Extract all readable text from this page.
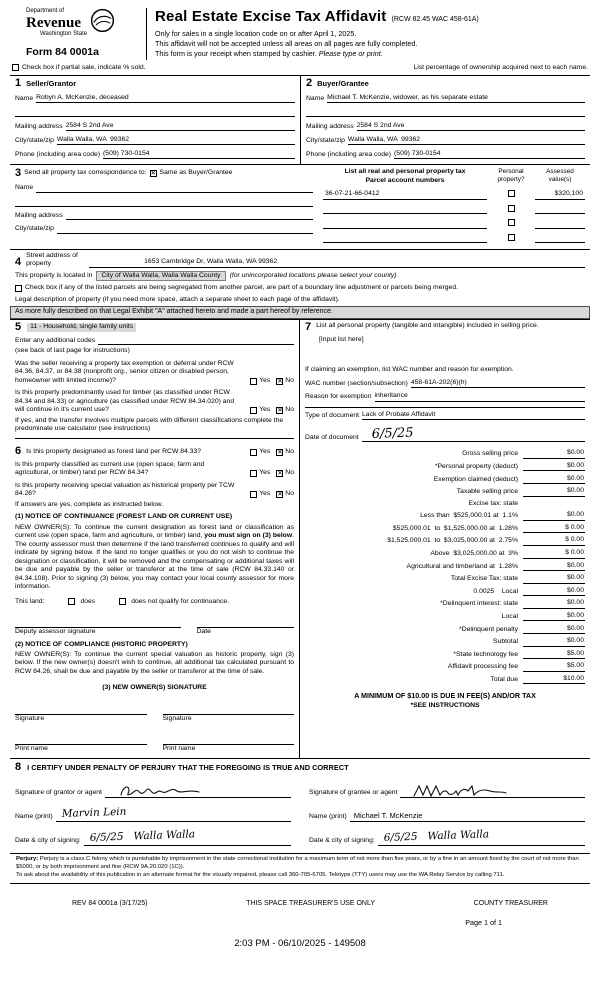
Department of
Revenue
Washington State
Form 84 0001a
Real Estate Excise Tax Affidavit (RCW 82.45 WAC 458-61A)
Only for sales in a single location code on or after April 1, 2025.
This affidavit will not be accepted unless all areas on all pages are fully completed.
This form is your receipt when stamped by cashier. Please type or print.
Check box if partial sale, indicate % sold.	List percentage of ownership acquired next to each name.
1 Seller/Grantor
Name Robyn A. McKenzie, deceased
Mailing address 2584 S 2nd Ave
City/state/zip Walla Walla, WA  99362
Phone (including area code) (509) 730-0154
2 Buyer/Grantee
Name Michael T. McKenzie, widower, as his separate estate
Mailing address 2584 S 2nd Ave
City/state/zip Walla Walla, WA  99362
Phone (including area code) (509) 730-0154
3 Send all property tax correspondence to: ✕ Same as Buyer/Grantee
Name
Mailing address
City/state/zip
List all real and personal property tax
Parcel account numbers
Personal property?
Assessed value(s)
36-07-21-66-0412	$320,100
4
Street address of property	1653 Cambridge Dr, Walla Walla, WA 99362
This property is located in	City of Walla Walla, Walla Walla County	(for unincorporated locations please select your county)
Check box if any of the listed parcels are being segregated from another parcel, are part of a boundary line adjustment or parcels being merged.
Legal description of property (if you need more space, attach a separate sheet to each page of the affidavit).
As more fully described on that Legal Exhibit "A" attached hereto and made a part hereof by reference.
5	11 - Household, single family units
Enter any additional codes
(see back of last page for instructions)
Was the seller receiving a property tax exemption or deferral under RCW 84.36, 84.37, or 84.38 (nonprofit org., senior citizen or disabled person, homeowner with limited income)?	Yes ✕ No
Is this property predominantly used for timber (as classified under RCW 84.34 and 84.33) or agriculture (as classified under RCW 84.34.020) and will continue in it's current use?	Yes ✕ No
If yes, and the transfer involves multiple parcels with different classifications complete the predominate use calculator (see instructions)
6 Is this property designated as forest land per RCW 84.33?	Yes ✕ No
Is this property classified as current use (open space, farm and agricultural, or timber) land per RCW 84.34?	Yes ✕ No
Is this property receiving special valuation as historical property per TCW 84.26?	Yes ✕ No
If answers are yes, complete as instructed below.
(1) NOTICE OF CONTINUANCE (FOREST LAND OR CURRENT USE)
NEW OWNER(S): To continue the current designation as forest land or classification as current use (open space, farm and agriculture, or timber) land, you must sign on (3) below. The county assessor must then determine if the land transferred continues to qualify and will indicate by signing below. If the land no longer qualifies or you do not wish to continue the designation or classification, it will be removed and the compensating or additional taxes will be due and payable by the seller or transferor at the time of sale (RCW 84.33.140 or 84.34.108). Prior to signing (3) below, you may contact your local county assessor for more information.
This land:	does	does not qualify for continuance.
Deputy assessor signature	Date
(2) NOTICE OF COMPLIANCE (HISTORIC PROPERTY)
NEW OWNER(S): To continue the current special valuation as historic property, sign (3) below. If the new owner(s) doesn't wish to continue, all additional tax calculated pursuant to RCW 84.26, shall be due and payable by the seller or transferor at the time of sale.
(3) NEW OWNER(S) SIGNATURE
Signature	Signature
Print name	Print name
7 List all personal property (tangible and intangible) included in selling price.
[Input list here]
If claiming an exemption, list WAC number and reason for exemption.
WAC number (section/subsection) 458-61A-202(6)(h)
Reason for exemption inheritance
Type of document Lack of Probate Affidavit
Date of document 6/5/25
Gross selling price	$0.00
*Personal property (deduct)	$0.00
Exemption claimed (deduct)	$0.00
Taxable selling price	$0.00
Excise tax: state
Less than  $525,000.01 at  1.1%	$0.00
$525,000.01  to  $1,525,000.00 at  1.28%	$ 0.00
$1,525,000.01  to  $3,025,000.00 at  2.75%	$ 0.00
Above  $3,025,000.00 at  3%	$ 0.00
Agricultural and timberland at  1.28%	$0.00
Total Excise Tax: state	$0.00
0.0025    Local	$0.00
*Delinquent interest: state	$0.00
Local	$0.00
*Delinquent penalty	$0.00
Subtotal	$0.00
*State technology fee	$5.00
Affidavit processing fee	$5.00
Total due	$10.00
A MINIMUM OF $10.00 IS DUE IN FEE(S) AND/OR TAX
*SEE INSTRUCTIONS
8 I CERTIFY UNDER PENALTY OF PERJURY THAT THE FOREGOING IS TRUE AND CORRECT
Signature of grantor or agent
Name (print) Marvin Lein
Date & city of signing: 6/5/25   Walla Walla
Signature of grantee or agent
Name (print) Michael T. McKenzie
Date & city of signing: 6/5/25   Walla Walla
Perjury: Perjury is a class C felony which is punishable by imprisonment in the state correctional institution for a maximum term of not more than five years, or by a fine in an amount fixed by the court of not more than $5000, or by both imprisonment and fine (RCW 9A.20.020 (1C)).
To ask about the availability of this publication in an alternate format for the visually impaired, please call 360-705-6705. Teletype (TTY) users may use the WA Relay Service by calling 711.
REV 84 0001a (3/17/25)	THIS SPACE TREASURER'S USE ONLY	COUNTY TREASURER
Page 1 of 1
2:03 PM - 06/10/2025 - 149508
